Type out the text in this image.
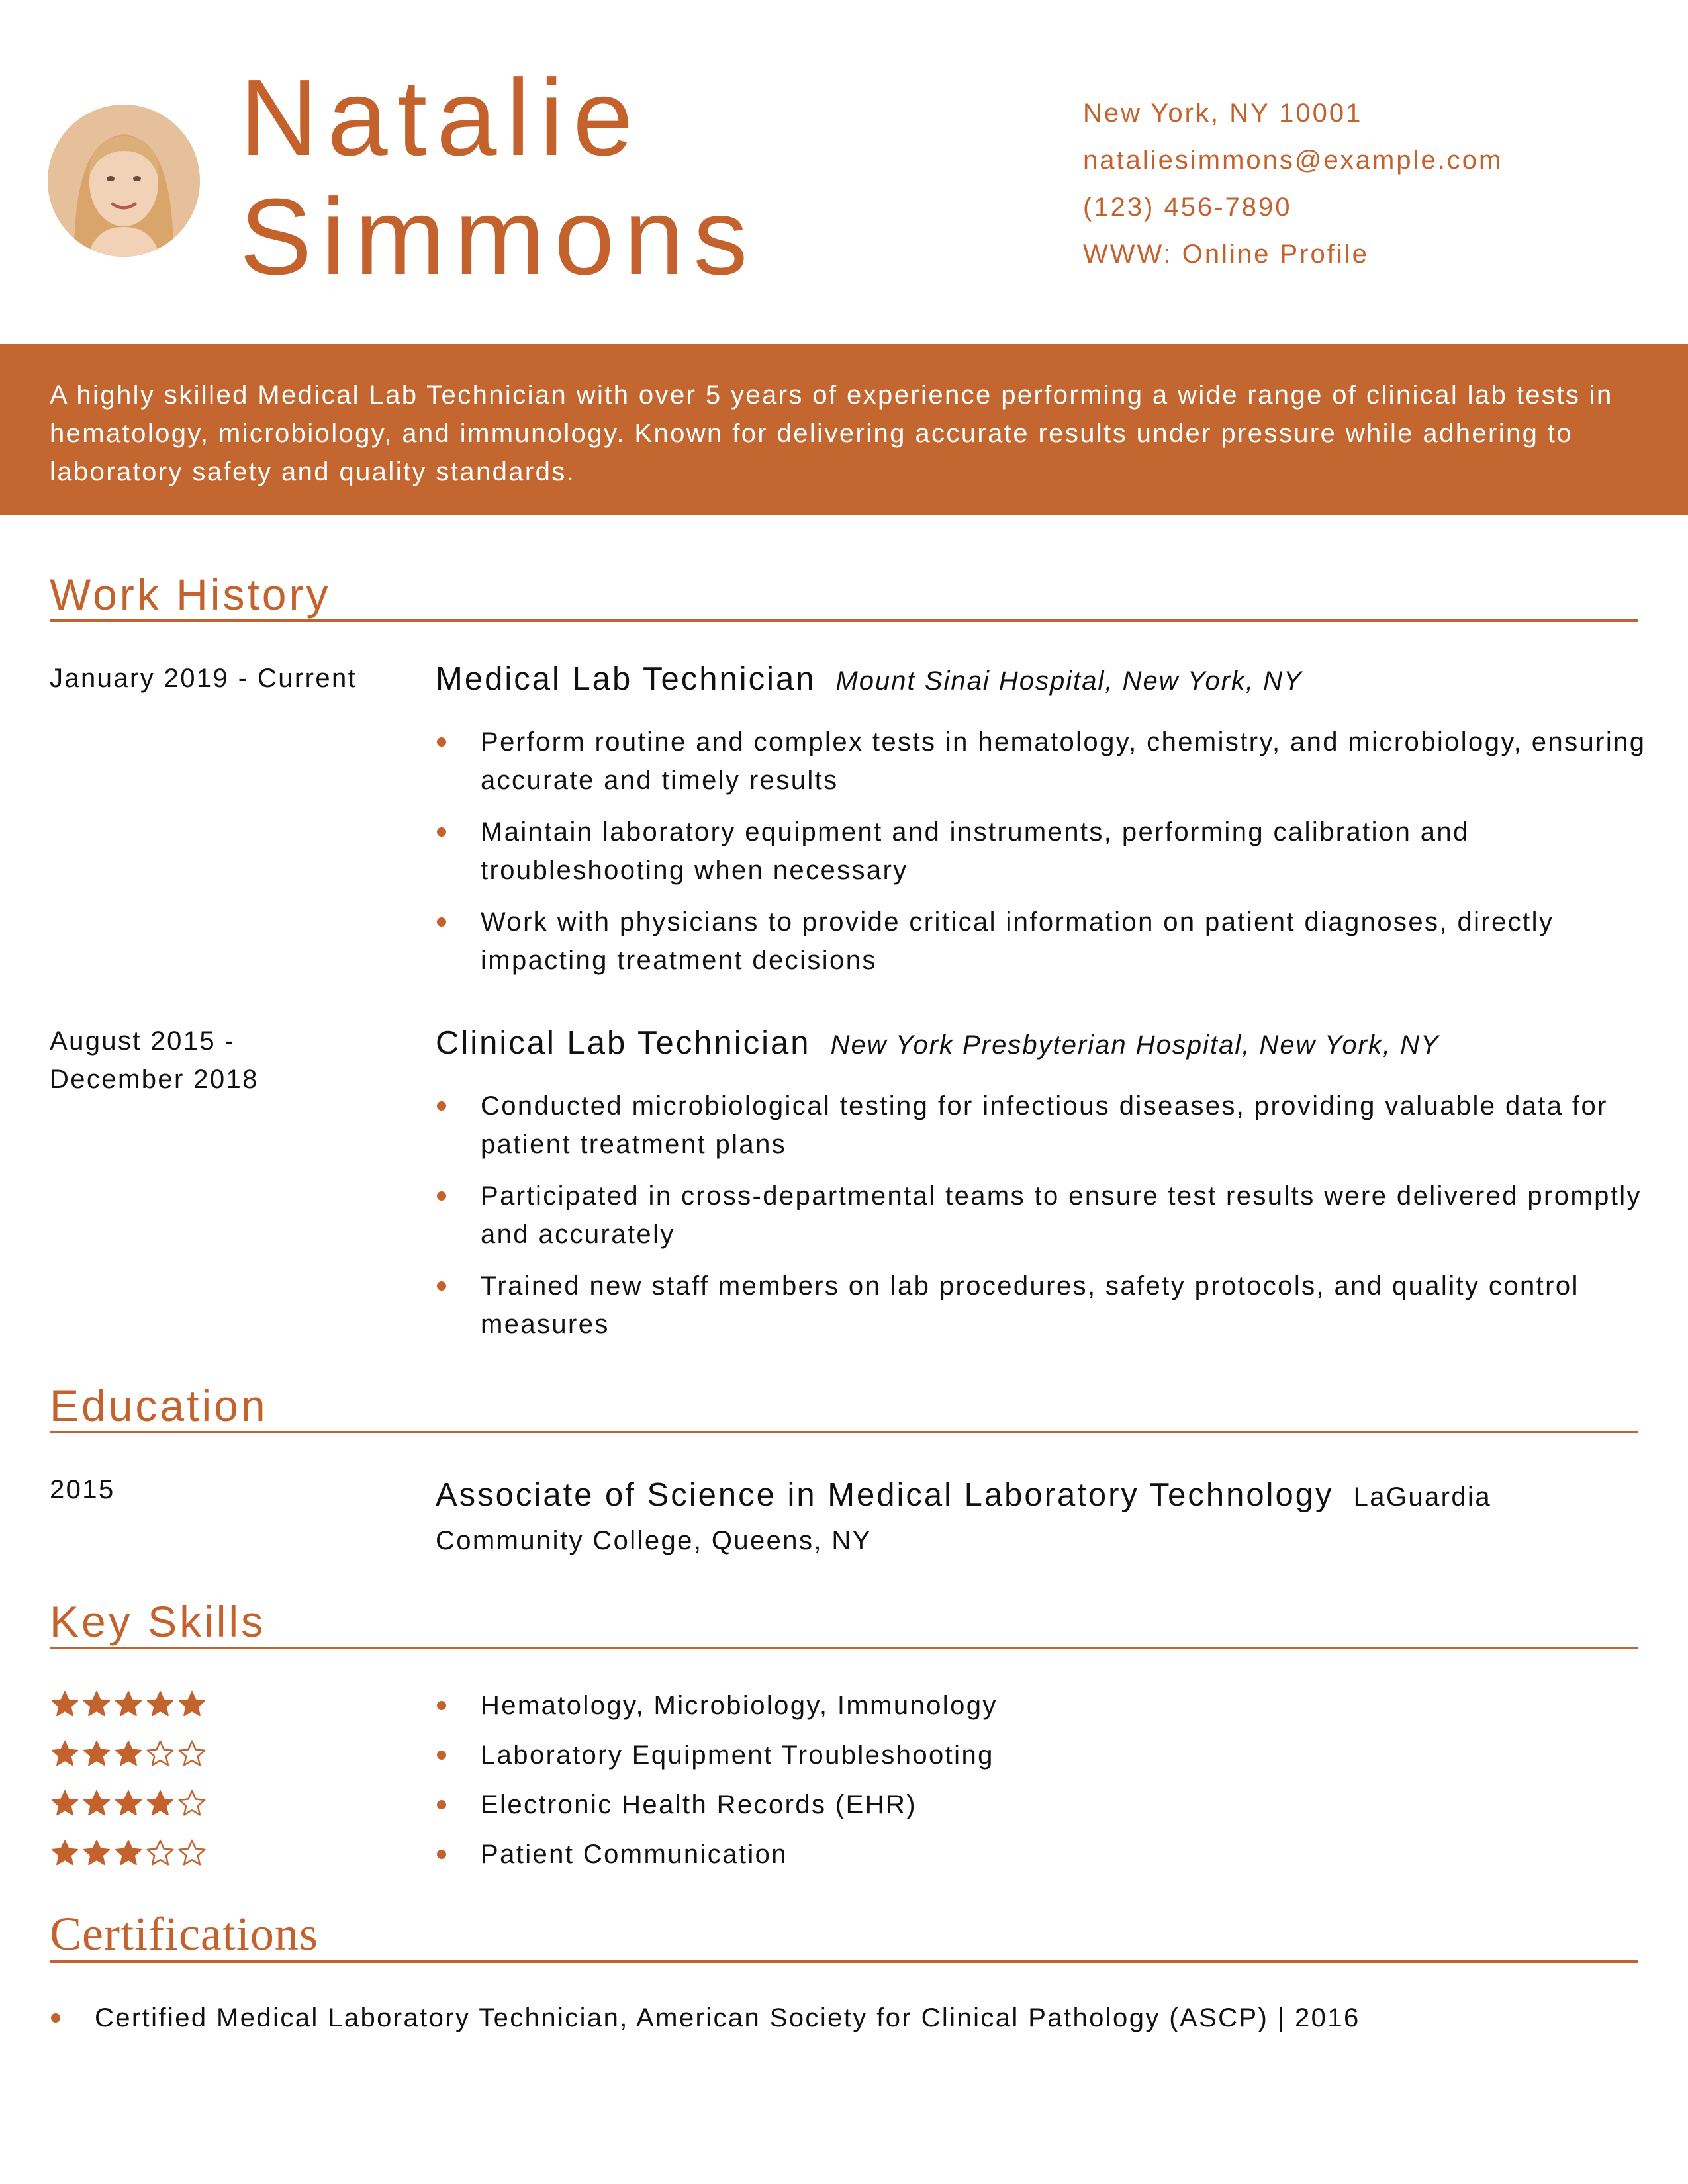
Natalie
Simmons
New York, NY 10001
nataliesimmons@example.com
(123) 456-7890
WWW: Online Profile

A highly skilled Medical Lab Technician with over 5 years of experience performing a wide range of clinical lab tests in hematology, microbiology, and immunology. Known for delivering accurate results under pressure while adhering to laboratory safety and quality standards.

Work History
January 2019 - Current	Medical Lab Technician Mount Sinai Hospital, New York, NY
Perform routine and complex tests in hematology, chemistry, and microbiology, ensuring accurate and timely results
Maintain laboratory equipment and instruments, performing calibration and troubleshooting when necessary
Work with physicians to provide critical information on patient diagnoses, directly impacting treatment decisions
August 2015 - December 2018
Clinical Lab Technician New York Presbyterian Hospital, New York, NY
Conducted microbiological testing for infectious diseases, providing valuable data for patient treatment plans
Participated in cross-departmental teams to ensure test results were delivered promptly and accurately
Trained new staff members on lab procedures, safety protocols, and quality control measures
Education
2015	Associate of Science in Medical Laboratory Technology LaGuardia Community College, Queens, NY
Key Skills
Hematology, Microbiology, Immunology
Laboratory Equipment Troubleshooting
Electronic Health Records (EHR)
Patient Communication
Certifications
Certified Medical Laboratory Technician, American Society for Clinical Pathology (ASCP) | 2016
